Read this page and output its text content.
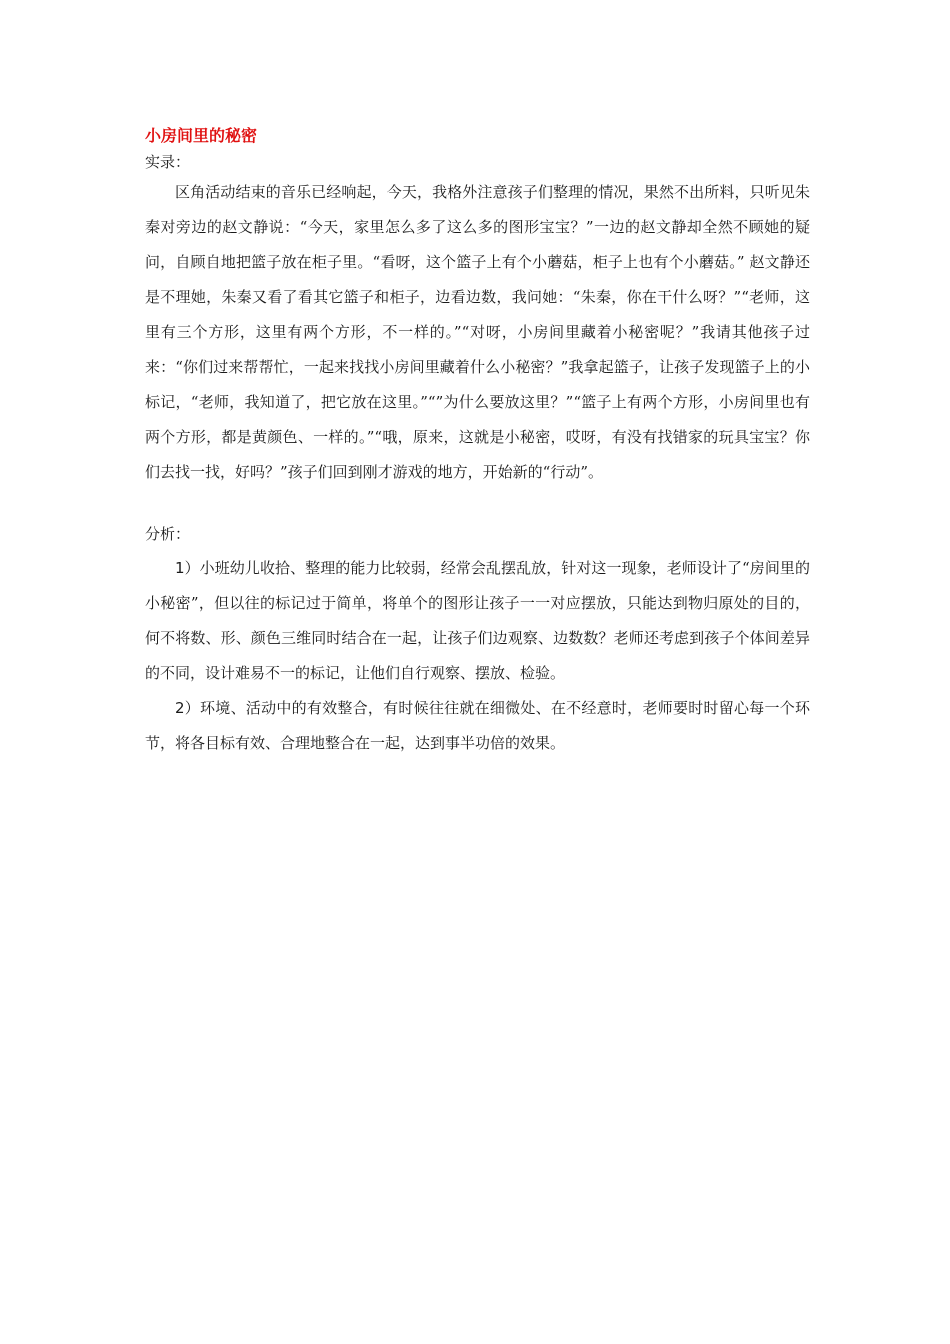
小房间里的秘密

实录：

区角活动结束的音乐已经响起，今天，我格外注意孩子们整理的情况，果然不出所料，只听见朱秦对旁边的赵文静说：“今天，家里怎么多了这么多的图形宝宝？”一边的赵文静却全然不顾她的疑问，自顾自地把篮子放在柜子里。“看呀，这个篮子上有个小蘑菇，柜子上也有个小蘑菇。” 赵文静还是不理她，朱秦又看了看其它篮子和柜子，边看边数，我问她：“朱秦，你在干什么呀？”“老师，这里有三个方形，这里有两个方形，不一样的。”“对呀，小房间里藏着小秘密呢？”我请其他孩子过来：“你们过来帮帮忙，一起来找找小房间里藏着什么小秘密？”我拿起篮子，让孩子发现篮子上的小标记，“老师，我知道了，把它放在这里。”“”为什么要放这里？”“篮子上有两个方形，小房间里也有两个方形，都是黄颜色、一样的。”“哦，原来，这就是小秘密，哎呀，有没有找错家的玩具宝宝？你们去找一找，好吗？”孩子们回到刚才游戏的地方，开始新的“行动”。

分析：

1）小班幼儿收拾、整理的能力比较弱，经常会乱摆乱放，针对这一现象，老师设计了“房间里的小秘密”，但以往的标记过于简单，将单个的图形让孩子一一对应摆放，只能达到物归原处的目的，何不将数、形、颜色三维同时结合在一起，让孩子们边观察、边数数？老师还考虑到孩子个体间差异的不同，设计难易不一的标记，让他们自行观察、摆放、检验。

2）环境、活动中的有效整合，有时候往往就在细微处、在不经意时，老师要时时留心每一个环节，将各目标有效、合理地整合在一起，达到事半功倍的效果。
